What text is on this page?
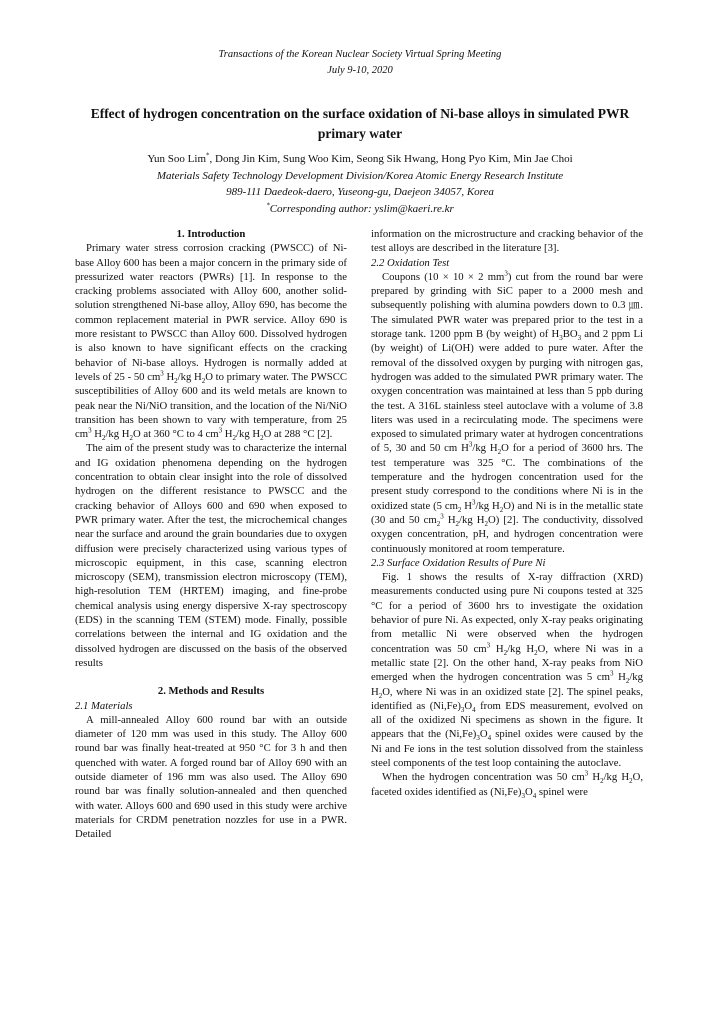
Transactions of the Korean Nuclear Society Virtual Spring Meeting
July 9-10, 2020
Effect of hydrogen concentration on the surface oxidation of Ni-base alloys in simulated PWR primary water
Yun Soo Lim*, Dong Jin Kim, Sung Woo Kim, Seong Sik Hwang, Hong Pyo Kim, Min Jae Choi
Materials Safety Technology Development Division/Korea Atomic Energy Research Institute
989-111 Daedeok-daero, Yuseong-gu, Daejeon 34057, Korea
*Corresponding author: yslim@kaeri.re.kr

1. Introduction

Primary water stress corrosion cracking (PWSCC) of Ni-base Alloy 600 has been a major concern in the primary side of pressurized water reactors (PWRs) [1]. In response to the cracking problems associated with Alloy 600, another solid-solution strengthened Ni-base alloy, Alloy 690, has become the common replacement material in PWR service. Alloy 690 is more resistant to PWSCC than Alloy 600. Dissolved hydrogen is also known to have significant effects on the cracking behavior of Ni-base alloys. Hydrogen is normally added at levels of 25 - 50 $cm^3$ $H_2/kg$ $H_2O$ to primary water. The PWSCC susceptibilities of Alloy 600 and its weld metals are known to peak near the Ni/NiO transition, and the location of the Ni/NiO transition has been shown to vary with temperature, from 25 $cm^3$ $H_2/kg$ $H_2O$ at 360 °C to 4 $cm^3$ $H_2/kg$ $H_2O$ at 288 °C [2].

The aim of the present study was to characterize the internal and IG oxidation phenomena depending on the hydrogen concentration to obtain clear insight into the role of dissolved hydrogen on the different resistance to PWSCC and the cracking behavior of Alloys 600 and 690 when exposed to PWR primary water. After the test, the microchemical changes near the surface and around the grain boundaries due to oxygen diffusion were precisely characterized using various types of microscopic equipment, in this case, scanning electron microscopy (SEM), transmission electron microscopy (TEM), high-resolution TEM (HRTEM) imaging, and fine-probe chemical analysis using energy dispersive X-ray spectroscopy (EDS) in the scanning TEM (STEM) mode. Finally, possible correlations between the internal and IG oxidation and the dissolved hydrogen are discussed on the basis of the observed results

2. Methods and Results

2.1 Materials

A mill-annealed Alloy 600 round bar with an outside diameter of 120 mm was used in this study. The Alloy 600 round bar was finally heat-treated at 950 °C for 3 h and then quenched with water. A forged round bar of Alloy 690 with an outside diameter of 196 mm was also used. The Alloy 690 round bar was finally solution-annealed and then quenched with water. Alloys 600 and 690 used in this study were archive materials for CRDM penetration nozzles for use in a PWR. Detailed

information on the microstructure and cracking behavior of the test alloys are described in the literature [3].

2.2 Oxidation Test

Coupons (10 × 10 × 2 $mm^3$) cut from the round bar were prepared by grinding with SiC paper to a 2000 mesh and subsequently polishing with alumina powders down to 0.3 ㎛. The simulated PWR water was prepared prior to the test in a storage tank. 1200 ppm B (by weight) of $H_3BO_3$ and 2 ppm Li (by weight) of Li(OH) were added to pure water. After the removal of the dissolved oxygen by purging with nitrogen gas, hydrogen was added to the simulated PWR primary water. The oxygen concentration was maintained at less than 5 ppb during the test. A 316L stainless steel autoclave with a volume of 3.8 liters was used in a recirculating mode. The specimens were exposed to simulated primary water at hydrogen concentrations of 5, 30 and 50 cm $H^3/kg$ $H_2O$ for a period of 3600 hrs. The test temperature was 325 °C. The combinations of the temperature and the hydrogen concentration used for the present study correspond to the conditions where Ni is in the oxidized state (5 $cm_2$ $H^3/kg$ $H_2O$) and Ni is in the metallic state (30 and 50 $cm_2^3$ $H_2/kg$ $H_2O$) [2]. The conductivity, dissolved oxygen concentration, pH, and hydrogen concentration were continuously monitored at room temperature.

2.3 Surface Oxidation Results of Pure Ni

Fig. 1 shows the results of X-ray diffraction (XRD) measurements conducted using pure Ni coupons tested at 325 °C for a period of 3600 hrs to investigate the oxidation behavior of pure Ni. As expected, only X-ray peaks originating from metallic Ni were observed when the hydrogen concentration was 50 $cm^3$ $H_2/kg$ $H_2O$, where Ni was in a metallic state [2]. On the other hand, X-ray peaks from NiO emerged when the hydrogen concentration was 5 $cm^3$ $H_2/kg$ $H_2O$, where Ni was in an oxidized state [2]. The spinel peaks, identified as $(Ni,Fe)_3O_4$ from EDS measurement, evolved on all of the oxidized Ni specimens as shown in the figure. It appears that the $(Ni,Fe)_3O_4$ spinel oxides were caused by the Ni and Fe ions in the test solution dissolved from the stainless steel components of the test loop containing the autoclave.

When the hydrogen concentration was 50 $cm^3$ $H_2/kg$ $H_2O$, faceted oxides identified as $(Ni,Fe)_3O_4$ spinel were
